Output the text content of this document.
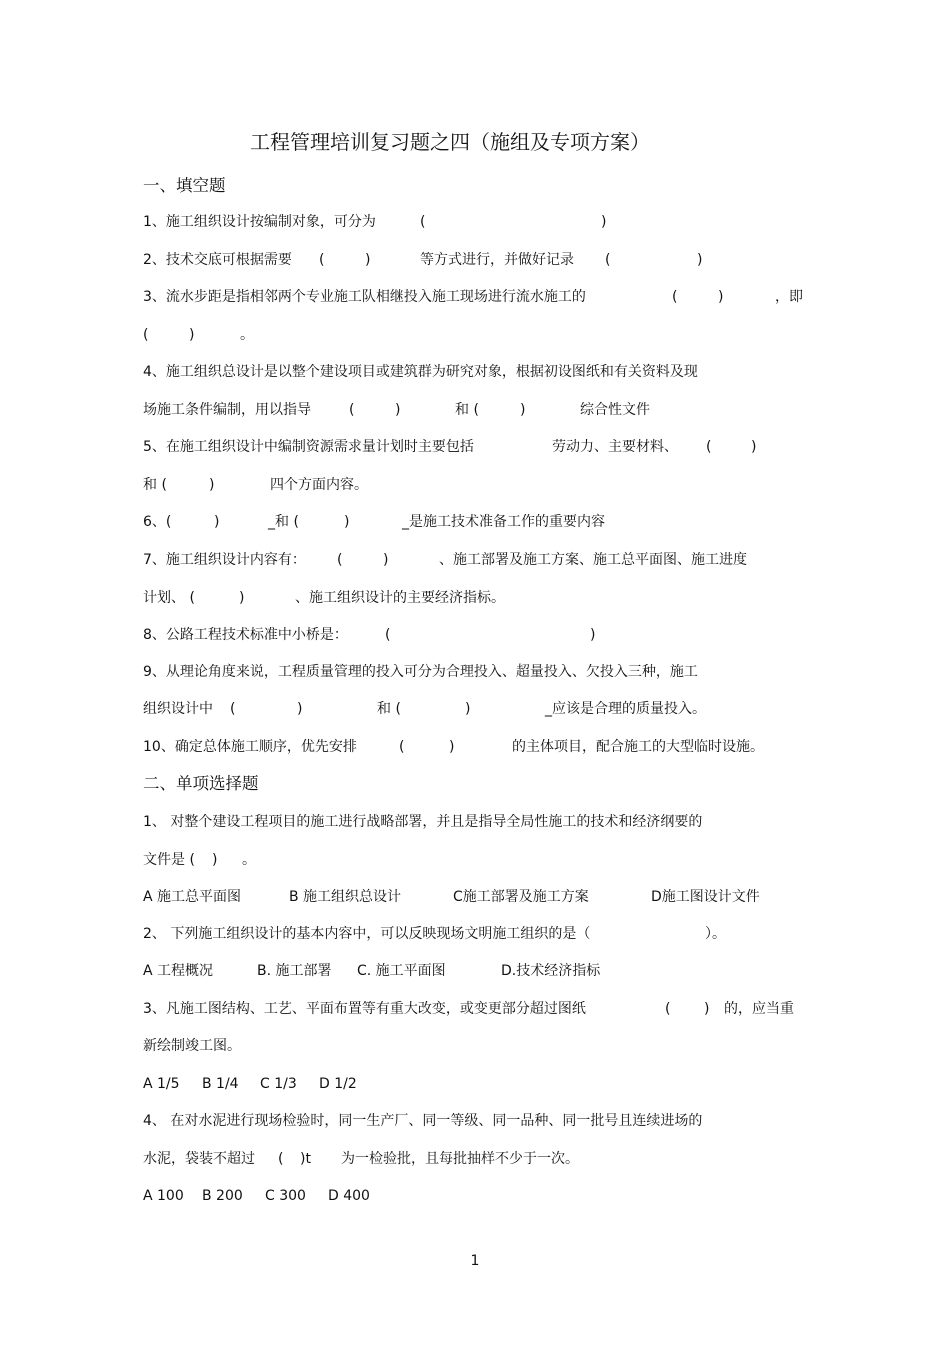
工程管理培训复习题之四（施组及专项方案）
一、填空题
1、施工组织设计按编制对象，可分为	(	)
2、技术交底可根据需要 (	)	等方式进行，并做好记录 (	)
3、流水步距是指相邻两个专业施工队相继投入施工现场进行流水施工的	(	)	，即
(	)	。
4、施工组织总设计是以整个建设项目或建筑群为研究对象，根据初设图纸和有关资料及现
场施工条件编制，用以指导	(	)	和 (	)	综合性文件
5、在施工组织设计中编制资源需求量计划时主要包括	劳动力、主要材料、 (	)
和 (	)	四个方面内容。
6、(	)	_和 (	)	_是施工技术准备工作的重要内容
7、施工组织设计内容有： (	)	、施工部署及施工方案、施工总平面图、施工进度
计划、 (	)	、施工组织设计的主要经济指标。
8、公路工程技术标准中小桥是：	(	)
9、从理论角度来说，工程质量管理的投入可分为合理投入、超量投入、欠投入三种，施工
组织设计中 (	)	和 (	)	_应该是合理的质量投入。
10、确定总体施工顺序，优先安排	(	)	的主体项目，配合施工的大型临时设施。
二、单项选择题
1、 对整个建设工程项目的施工进行战略部署，并且是指导全局性施工的技术和经济纲要的
文件是 ( ) 。
A 施工总平面图	B 施工组织总设计	C施工部署及施工方案	D施工图设计文件
2、 下列施工组织设计的基本内容中，可以反映现场文明施工组织的是（	）。
A 工程概况	B. 施工部署 C. 施工平面图	D.技术经济指标
3、凡施工图结构、工艺、平面布置等有重大改变，或变更部分超过图纸	( ) 的，应当重
新绘制竣工图。
A 1/5 B 1/4 C 1/3 D 1/2
4、 在对水泥进行现场检验时，同一生产厂、同一等级、同一品种、同一批号且连续进场的
水泥，袋装不超过 ( )t 为一检验批，且每批抽样不少于一次。
A 100 B 200 C 300 D 400
1
